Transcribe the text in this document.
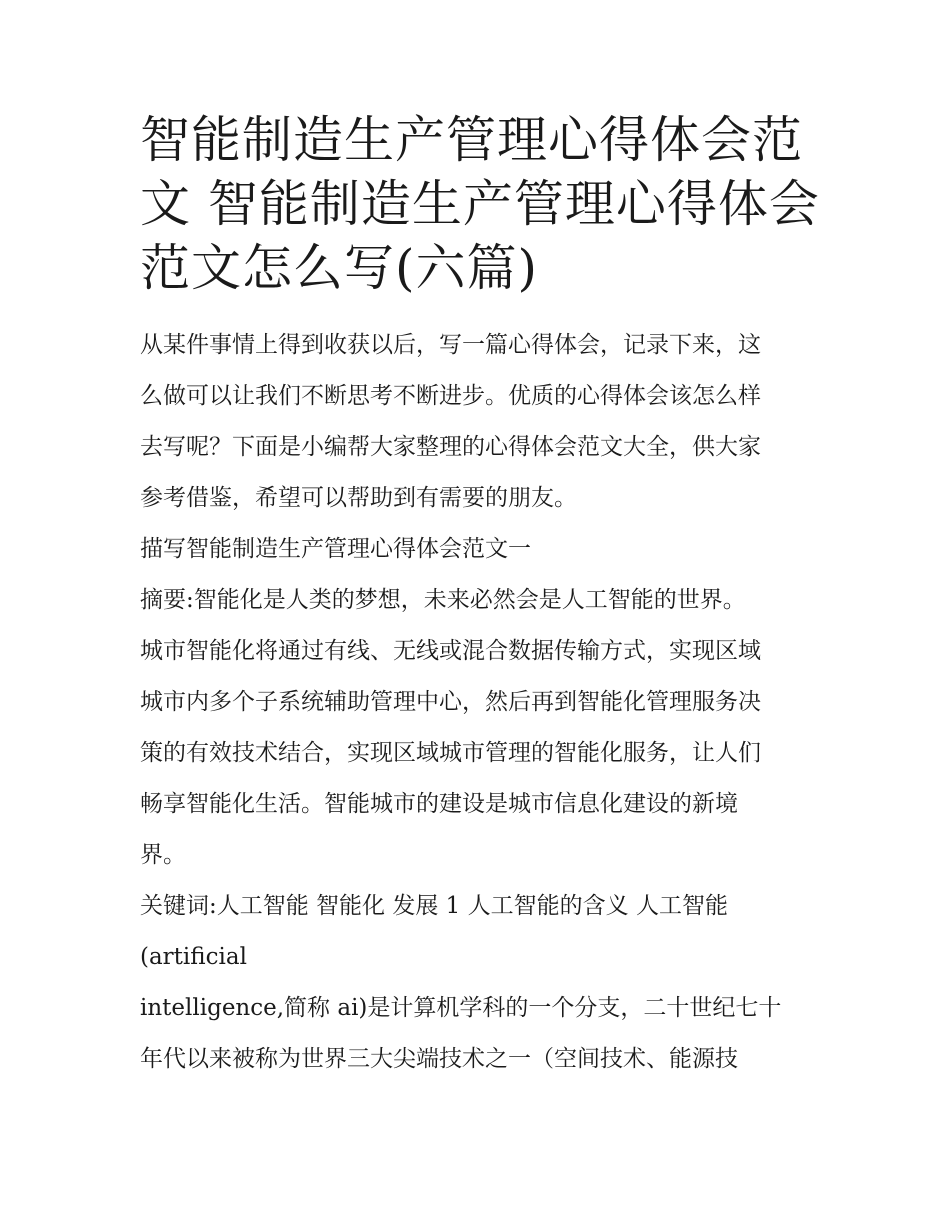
智能制造生产管理心得体会范
文 智能制造生产管理心得体会
范文怎么写(六篇)
从某件事情上得到收获以后，写一篇心得体会，记录下来，这
么做可以让我们不断思考不断进步。优质的心得体会该怎么样
去写呢？下面是小编帮大家整理的心得体会范文大全，供大家
参考借鉴，希望可以帮助到有需要的朋友。
描写智能制造生产管理心得体会范文一
摘要:智能化是人类的梦想，未来必然会是人工智能的世界。
城市智能化将通过有线、无线或混合数据传输方式，实现区域
城市内多个子系统辅助管理中心，然后再到智能化管理服务决
策的有效技术结合，实现区域城市管理的智能化服务，让人们
畅享智能化生活。智能城市的建设是城市信息化建设的新境
界。
关键词:人工智能 智能化 发展 1 人工智能的含义 人工智能
(artificial
intelligence,简称 ai)是计算机学科的一个分支，二十世纪七十
年代以来被称为世界三大尖端技术之一（空间技术、能源技
